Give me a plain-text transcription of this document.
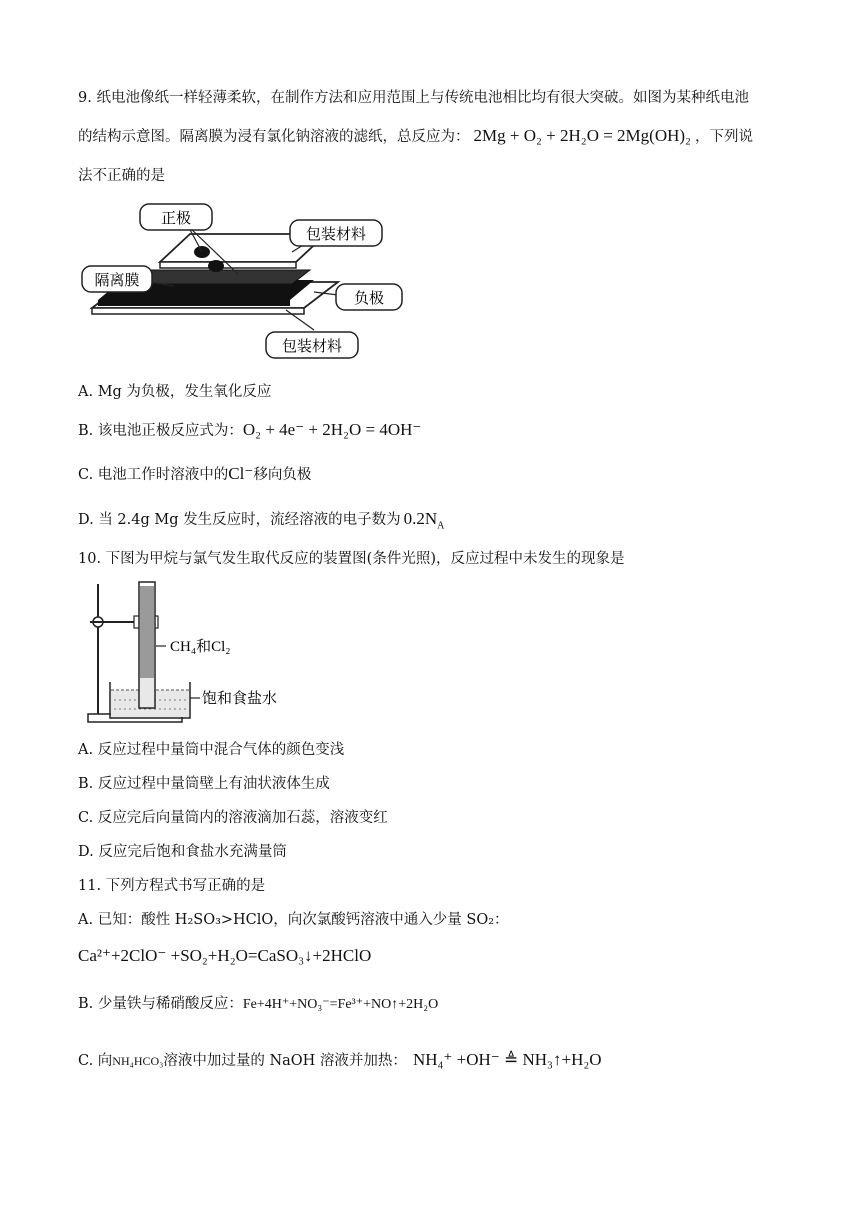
9. 纸电池像纸一样轻薄柔软，在制作方法和应用范围上与传统电池相比均有很大突破。如图为某种纸电池
的结构示意图。隔离膜为浸有氯化钠溶液的滤纸，总反应为： 2Mg + O₂ + 2H₂O = 2Mg(OH)₂ ，下列说
法不正确的是
正极
包装材料
隔离膜
负极
包装材料
A. Mg 为负极，发生氧化反应
B. 该电池正极反应式为：O₂ + 4e⁻ + 2H₂O = 4OH⁻
C. 电池工作时溶液中的Cl⁻移向负极
D. 当 2.4g Mg 发生反应时，流经溶液的电子数为 $0.2N_A$
10. 下图为甲烷与氯气发生取代反应的装置图(条件光照)，反应过程中未发生的现象是
CH₄和Cl₂
饱和食盐水
A. 反应过程中量筒中混合气体的颜色变浅
B. 反应过程中量筒壁上有油状液体生成
C. 反应完后向量筒内的溶液滴加石蕊，溶液变红
D. 反应完后饱和食盐水充满量筒
11. 下列方程式书写正确的是
A. 已知：酸性 H₂SO₃>HClO，向次氯酸钙溶液中通入少量 SO₂：
Ca²⁺+2ClO⁻ +SO₂+H₂O=CaSO₃↓+2HClO
B. 少量铁与稀硝酸反应：Fe+4H⁺+NO₃⁻=Fe³⁺+NO↑+2H₂O
C. 向NH₄HCO₃溶液中加过量的 NaOH 溶液并加热： NH₄⁺ +OH⁻ ≜ NH₃↑+H₂O
